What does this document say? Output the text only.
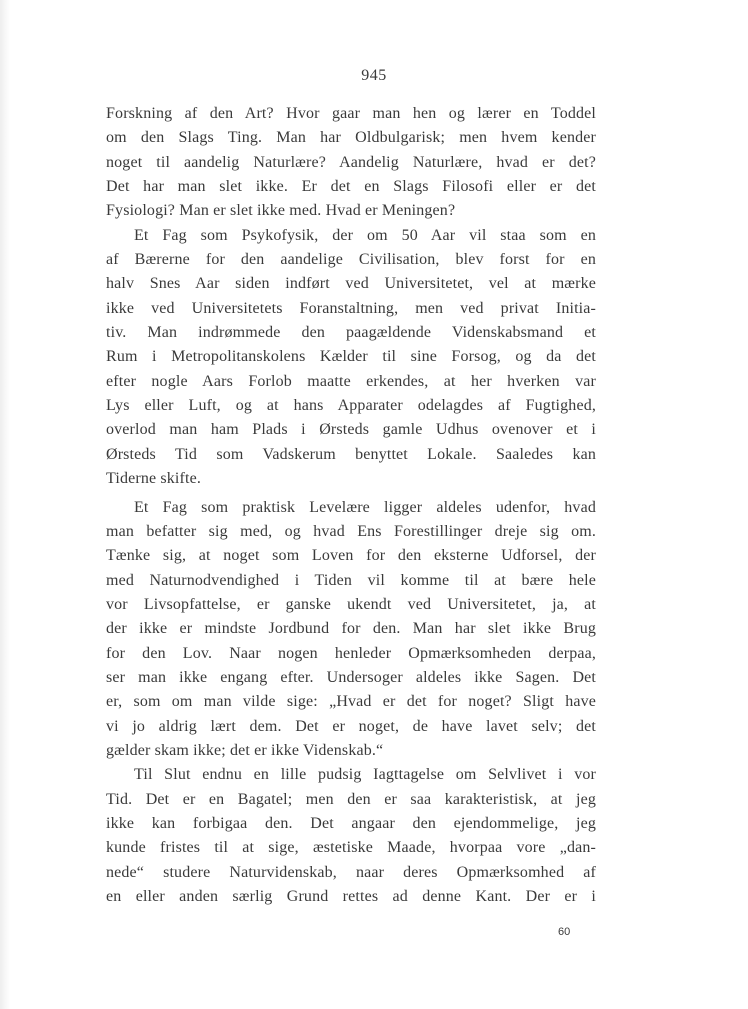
945
Forskning af den Art? Hvor gaar man hen og lærer en Toddel
om den Slags Ting. Man har Oldbulgarisk; men hvem kender
noget til aandelig Naturlære? Aandelig Naturlære, hvad er det?
Det har man slet ikke. Er det en Slags Filosofi eller er det
Fysiologi? Man er slet ikke med. Hvad er Meningen?
Et Fag som Psykofysik, der om 50 Aar vil staa som en
af Bærerne for den aandelige Civilisation, blev forst for en
halv Snes Aar siden indført ved Universitetet, vel at mærke
ikke ved Universitetets Foranstaltning, men ved privat Initia-
tiv. Man indrømmede den paagældende Videnskabsmand et
Rum i Metropolitanskolens Kælder til sine Forsog, og da det
efter nogle Aars Forlob maatte erkendes, at her hverken var
Lys eller Luft, og at hans Apparater odelagdes af Fugtighed,
overlod man ham Plads i Ørsteds gamle Udhus ovenover et i
Ørsteds Tid som Vadskerum benyttet Lokale. Saaledes kan
Tiderne skifte.
Et Fag som praktisk Levelære ligger aldeles udenfor, hvad
man befatter sig med, og hvad Ens Forestillinger dreje sig om.
Tænke sig, at noget som Loven for den eksterne Udforsel, der
med Naturnodvendighed i Tiden vil komme til at bære hele
vor Livsopfattelse, er ganske ukendt ved Universitetet, ja, at
der ikke er mindste Jordbund for den. Man har slet ikke Brug
for den Lov. Naar nogen henleder Opmærksomheden derpaa,
ser man ikke engang efter. Undersoger aldeles ikke Sagen. Det
er, som om man vilde sige: „Hvad er det for noget? Sligt have
vi jo aldrig lært dem. Det er noget, de have lavet selv; det
gælder skam ikke; det er ikke Videnskab.“
Til Slut endnu en lille pudsig Iagttagelse om Selvlivet i vor
Tid. Det er en Bagatel; men den er saa karakteristisk, at jeg
ikke kan forbigaa den. Det angaar den ejendommelige, jeg
kunde fristes til at sige, æstetiske Maade, hvorpaa vore „dan-
nede“ studere Naturvidenskab, naar deres Opmærksomhed af
en eller anden særlig Grund rettes ad denne Kant. Der er i
60
